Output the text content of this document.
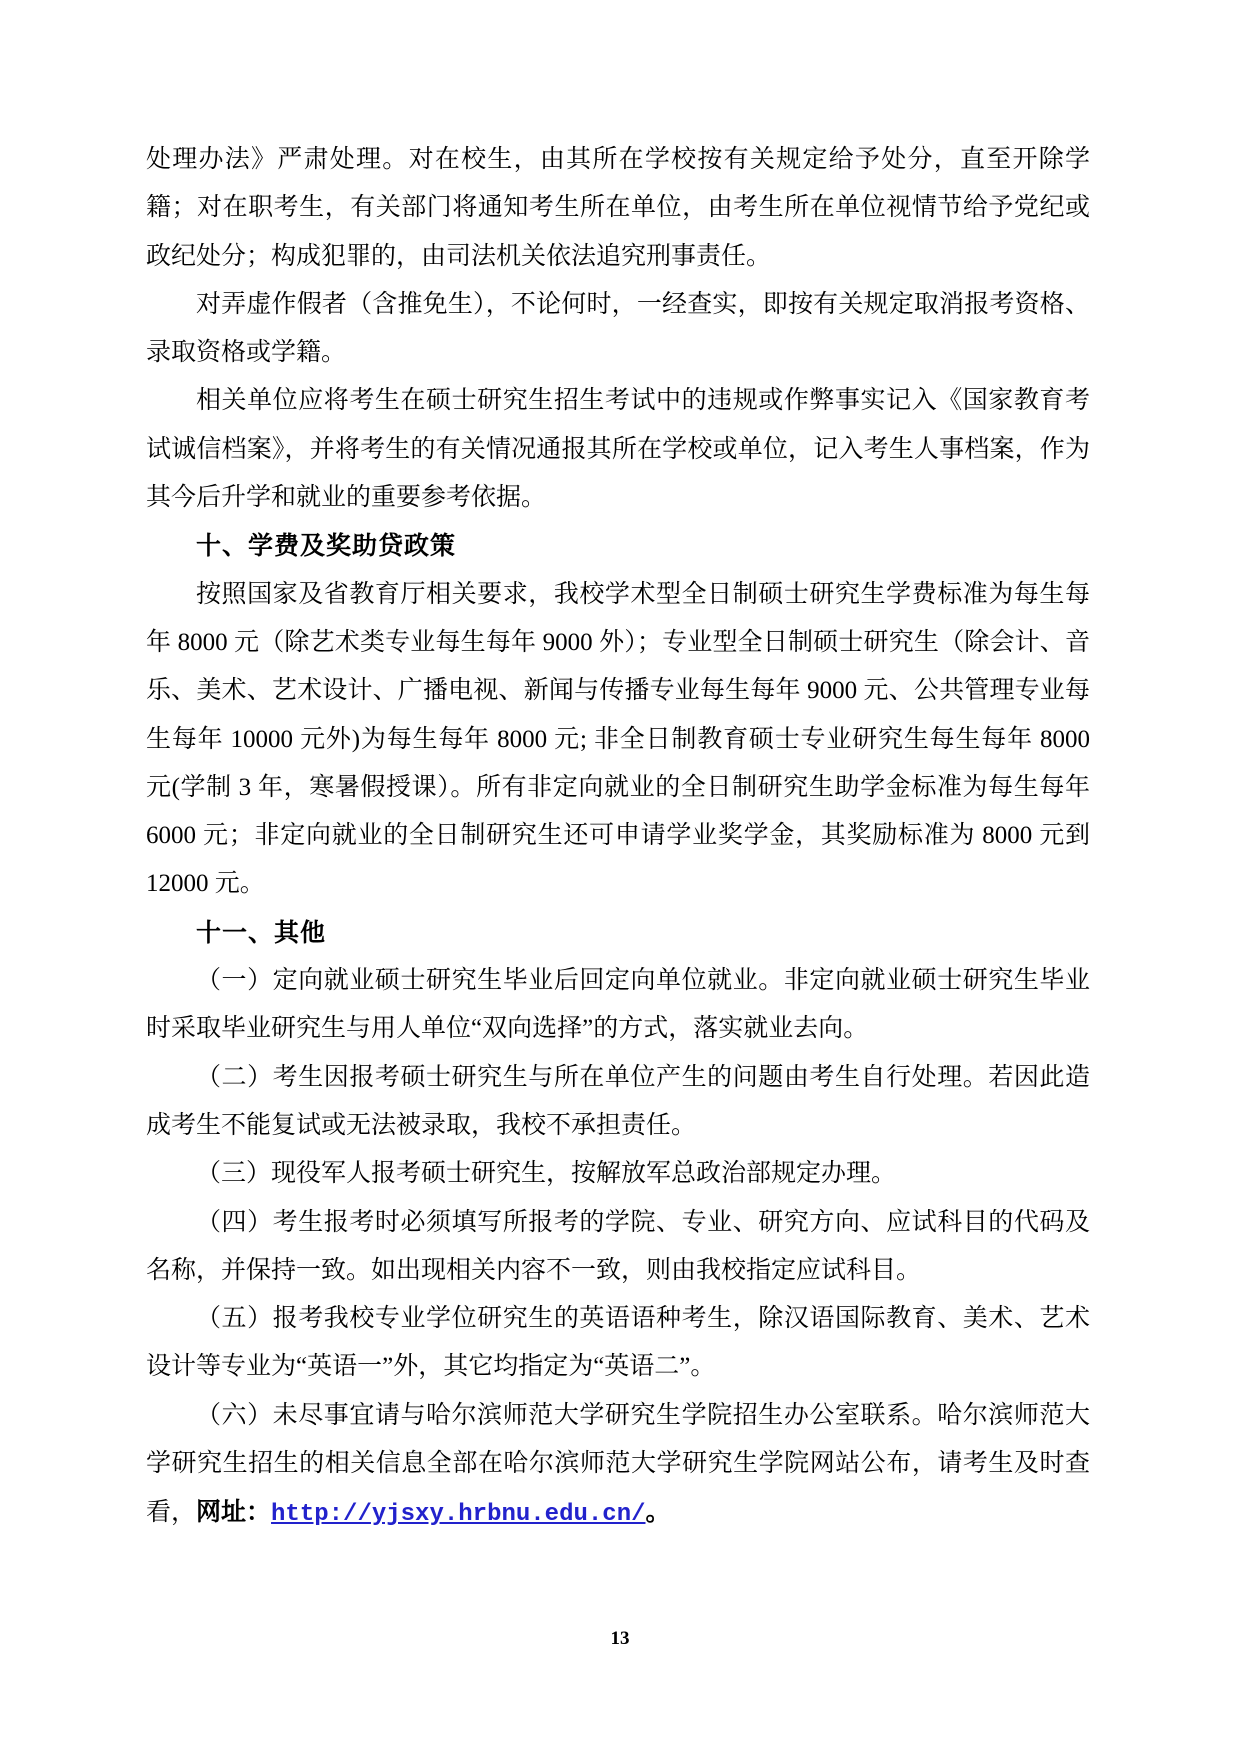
处理办法》严肃处理。对在校生，由其所在学校按有关规定给予处分，直至开除学籍；对在职考生，有关部门将通知考生所在单位，由考生所在单位视情节给予党纪或政纪处分；构成犯罪的，由司法机关依法追究刑事责任。

对弄虚作假者（含推免生），不论何时，一经查实，即按有关规定取消报考资格、录取资格或学籍。

相关单位应将考生在硕士研究生招生考试中的违规或作弊事实记入《国家教育考试诚信档案》，并将考生的有关情况通报其所在学校或单位，记入考生人事档案，作为其今后升学和就业的重要参考依据。

十、学费及奖助贷政策

按照国家及省教育厅相关要求，我校学术型全日制硕士研究生学费标准为每生每年 8000 元（除艺术类专业每生每年 9000 外）；专业型全日制硕士研究生（除会计、音乐、美术、艺术设计、广播电视、新闻与传播专业每生每年 9000 元、公共管理专业每生每年 10000 元外)为每生每年 8000 元; 非全日制教育硕士专业研究生每生每年 8000 元(学制 3 年，寒暑假授课）。所有非定向就业的全日制研究生助学金标准为每生每年 6000 元；非定向就业的全日制研究生还可申请学业奖学金，其奖励标准为 8000 元到 12000 元。

十一、其他

（一）定向就业硕士研究生毕业后回定向单位就业。非定向就业硕士研究生毕业时采取毕业研究生与用人单位“双向选择”的方式，落实就业去向。

（二）考生因报考硕士研究生与所在单位产生的问题由考生自行处理。若因此造成考生不能复试或无法被录取，我校不承担责任。

（三）现役军人报考硕士研究生，按解放军总政治部规定办理。

（四）考生报考时必须填写所报考的学院、专业、研究方向、应试科目的代码及名称，并保持一致。如出现相关内容不一致，则由我校指定应试科目。

（五）报考我校专业学位研究生的英语语种考生，除汉语国际教育、美术、艺术设计等专业为“英语一”外，其它均指定为“英语二”。

（六）未尽事宜请与哈尔滨师范大学研究生学院招生办公室联系。哈尔滨师范大学研究生招生的相关信息全部在哈尔滨师范大学研究生学院网站公布，请考生及时查看，网址：http://yjsxy.hrbnu.edu.cn/。

13
